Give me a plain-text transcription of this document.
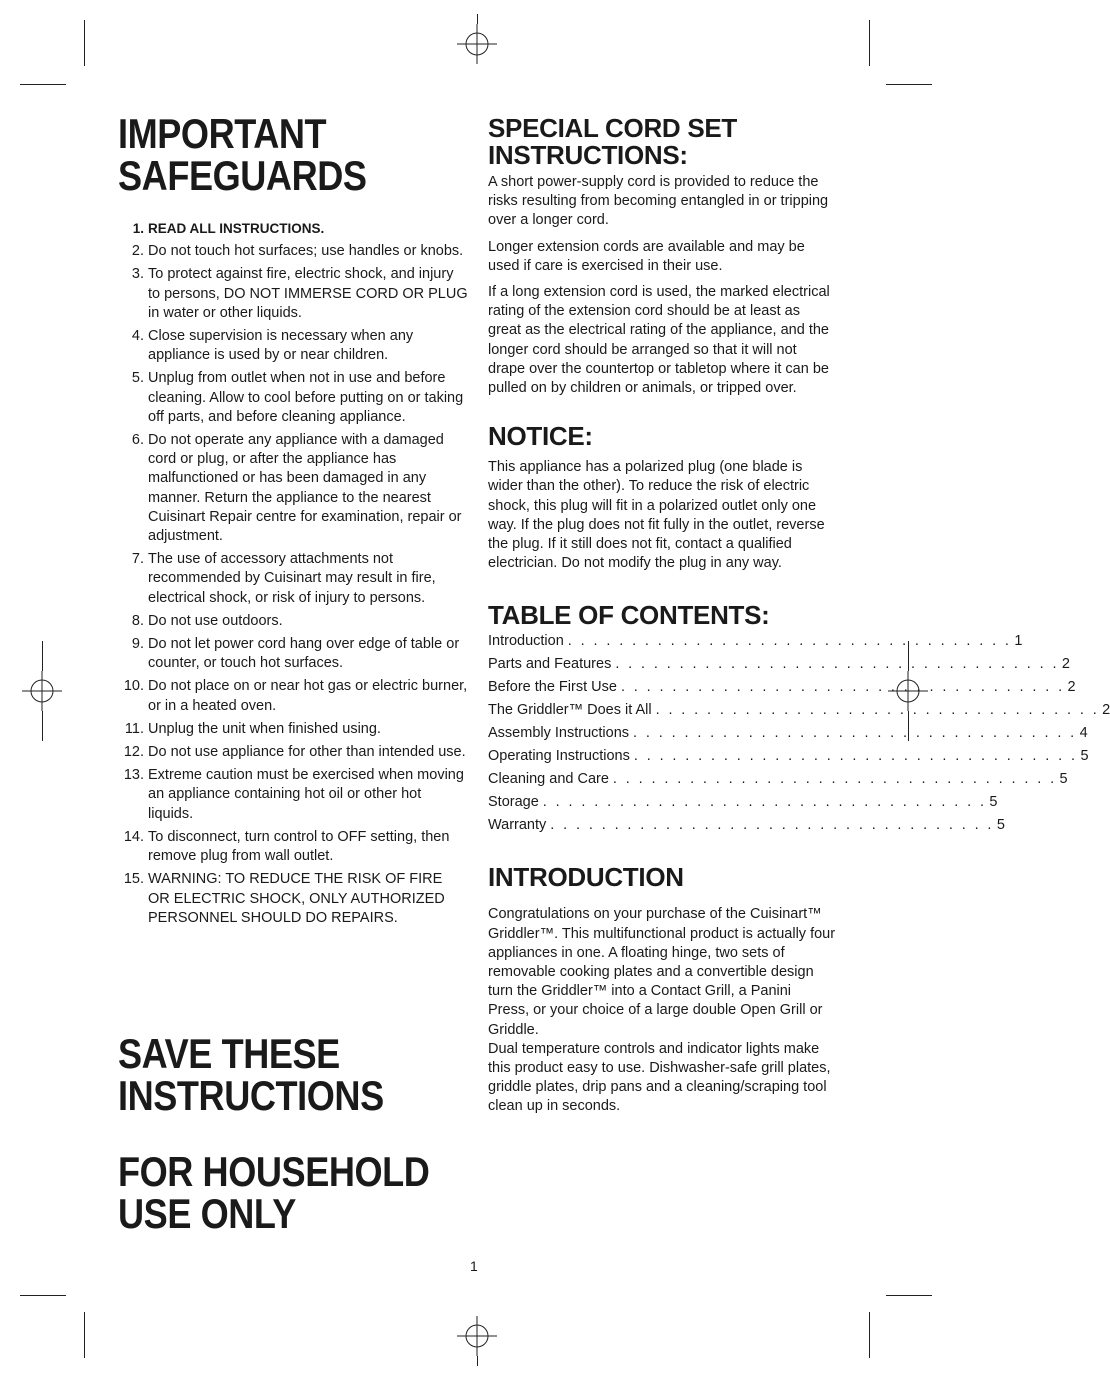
IMPORTANT
SAFEGUARDS
1. READ ALL INSTRUCTIONS.
2. Do not touch hot surfaces; use handles or knobs.
3. To protect against fire, electric shock, and injury to persons, DO NOT IMMERSE CORD OR PLUG in water or other liquids.
4. Close supervision is necessary when any appliance is used by or near children.
5. Unplug from outlet when not in use and before cleaning. Allow to cool before putting on or taking off parts, and before cleaning appliance.
6. Do not operate any appliance with a damaged cord or plug, or after the appliance has malfunctioned or has been damaged in any manner. Return the appliance to the nearest Cuisinart Repair centre for examination, repair or adjustment.
7. The use of accessory attachments not recommended by Cuisinart may result in fire, electrical shock, or risk of injury to persons.
8. Do not use outdoors.
9. Do not let power cord hang over edge of table or counter, or touch hot surfaces.
10. Do not place on or near hot gas or electric burner, or in a heated oven.
11. Unplug the unit when finished using.
12. Do not use appliance for other than intended use.
13. Extreme caution must be exercised when moving an appliance containing hot oil or other hot liquids.
14. To disconnect, turn control to OFF setting, then remove plug from wall outlet.
15. WARNING: TO REDUCE THE RISK OF FIRE OR ELECTRIC SHOCK, ONLY AUTHORIZED PERSONNEL SHOULD DO REPAIRS.
SAVE THESE
INSTRUCTIONS
FOR HOUSEHOLD
USE ONLY
SPECIAL CORD SET
INSTRUCTIONS:

A short power-supply cord is provided to reduce the risks resulting from becoming entangled in or tripping over a longer cord.

Longer extension cords are available and may be used if care is exercised in their use.

If a long extension cord is used, the marked electrical rating of the extension cord should be at least as great as the electrical rating of the appliance, and the longer cord should be arranged so that it will not drape over the countertop or tabletop where it can be pulled on by children or animals, or tripped over.

NOTICE:

This appliance has a polarized plug (one blade is wider than the other). To reduce the risk of electric shock, this plug will fit in a polarized outlet only one way. If the plug does not fit fully in the outlet, reverse the plug. If it still does not fit, contact a qualified electrician. Do not modify the plug in any way.

TABLE OF CONTENTS:
Introduction . . . . . . . . . . . . . . . . . . . . . . . . . . . . . . . . . . . 1
Parts and Features . . . . . . . . . . . . . . . . . . . . . . . . . . . . . . . . . . . 2
Before the First Use . . . . . . . . . . . . . . . . . . . . . . . . . . . . . . . . . . . 2
The Griddler™ Does it All . . . . . . . . . . . . . . . . . . . . . . . . . . . . . . . . . . . 2
Assembly Instructions . . . . . . . . . . . . . . . . . . . . . . . . . . . . . . . . . . . 4
Operating Instructions . . . . . . . . . . . . . . . . . . . . . . . . . . . . . . . . . . . 5
Cleaning and Care . . . . . . . . . . . . . . . . . . . . . . . . . . . . . . . . . . . 5
Storage . . . . . . . . . . . . . . . . . . . . . . . . . . . . . . . . . . . 5
Warranty . . . . . . . . . . . . . . . . . . . . . . . . . . . . . . . . . . . 5
INTRODUCTION

Congratulations on your purchase of the Cuisinart™ Griddler™. This multifunctional product is actually four appliances in one. A floating hinge, two sets of removable cooking plates and a convertible design turn the Griddler™ into a Contact Grill, a Panini Press, or your choice of a large double Open Grill or Griddle.

Dual temperature controls and indicator lights make this product easy to use. Dishwasher-safe grill plates, griddle plates, drip pans and a cleaning/scraping tool clean up in seconds.

1
